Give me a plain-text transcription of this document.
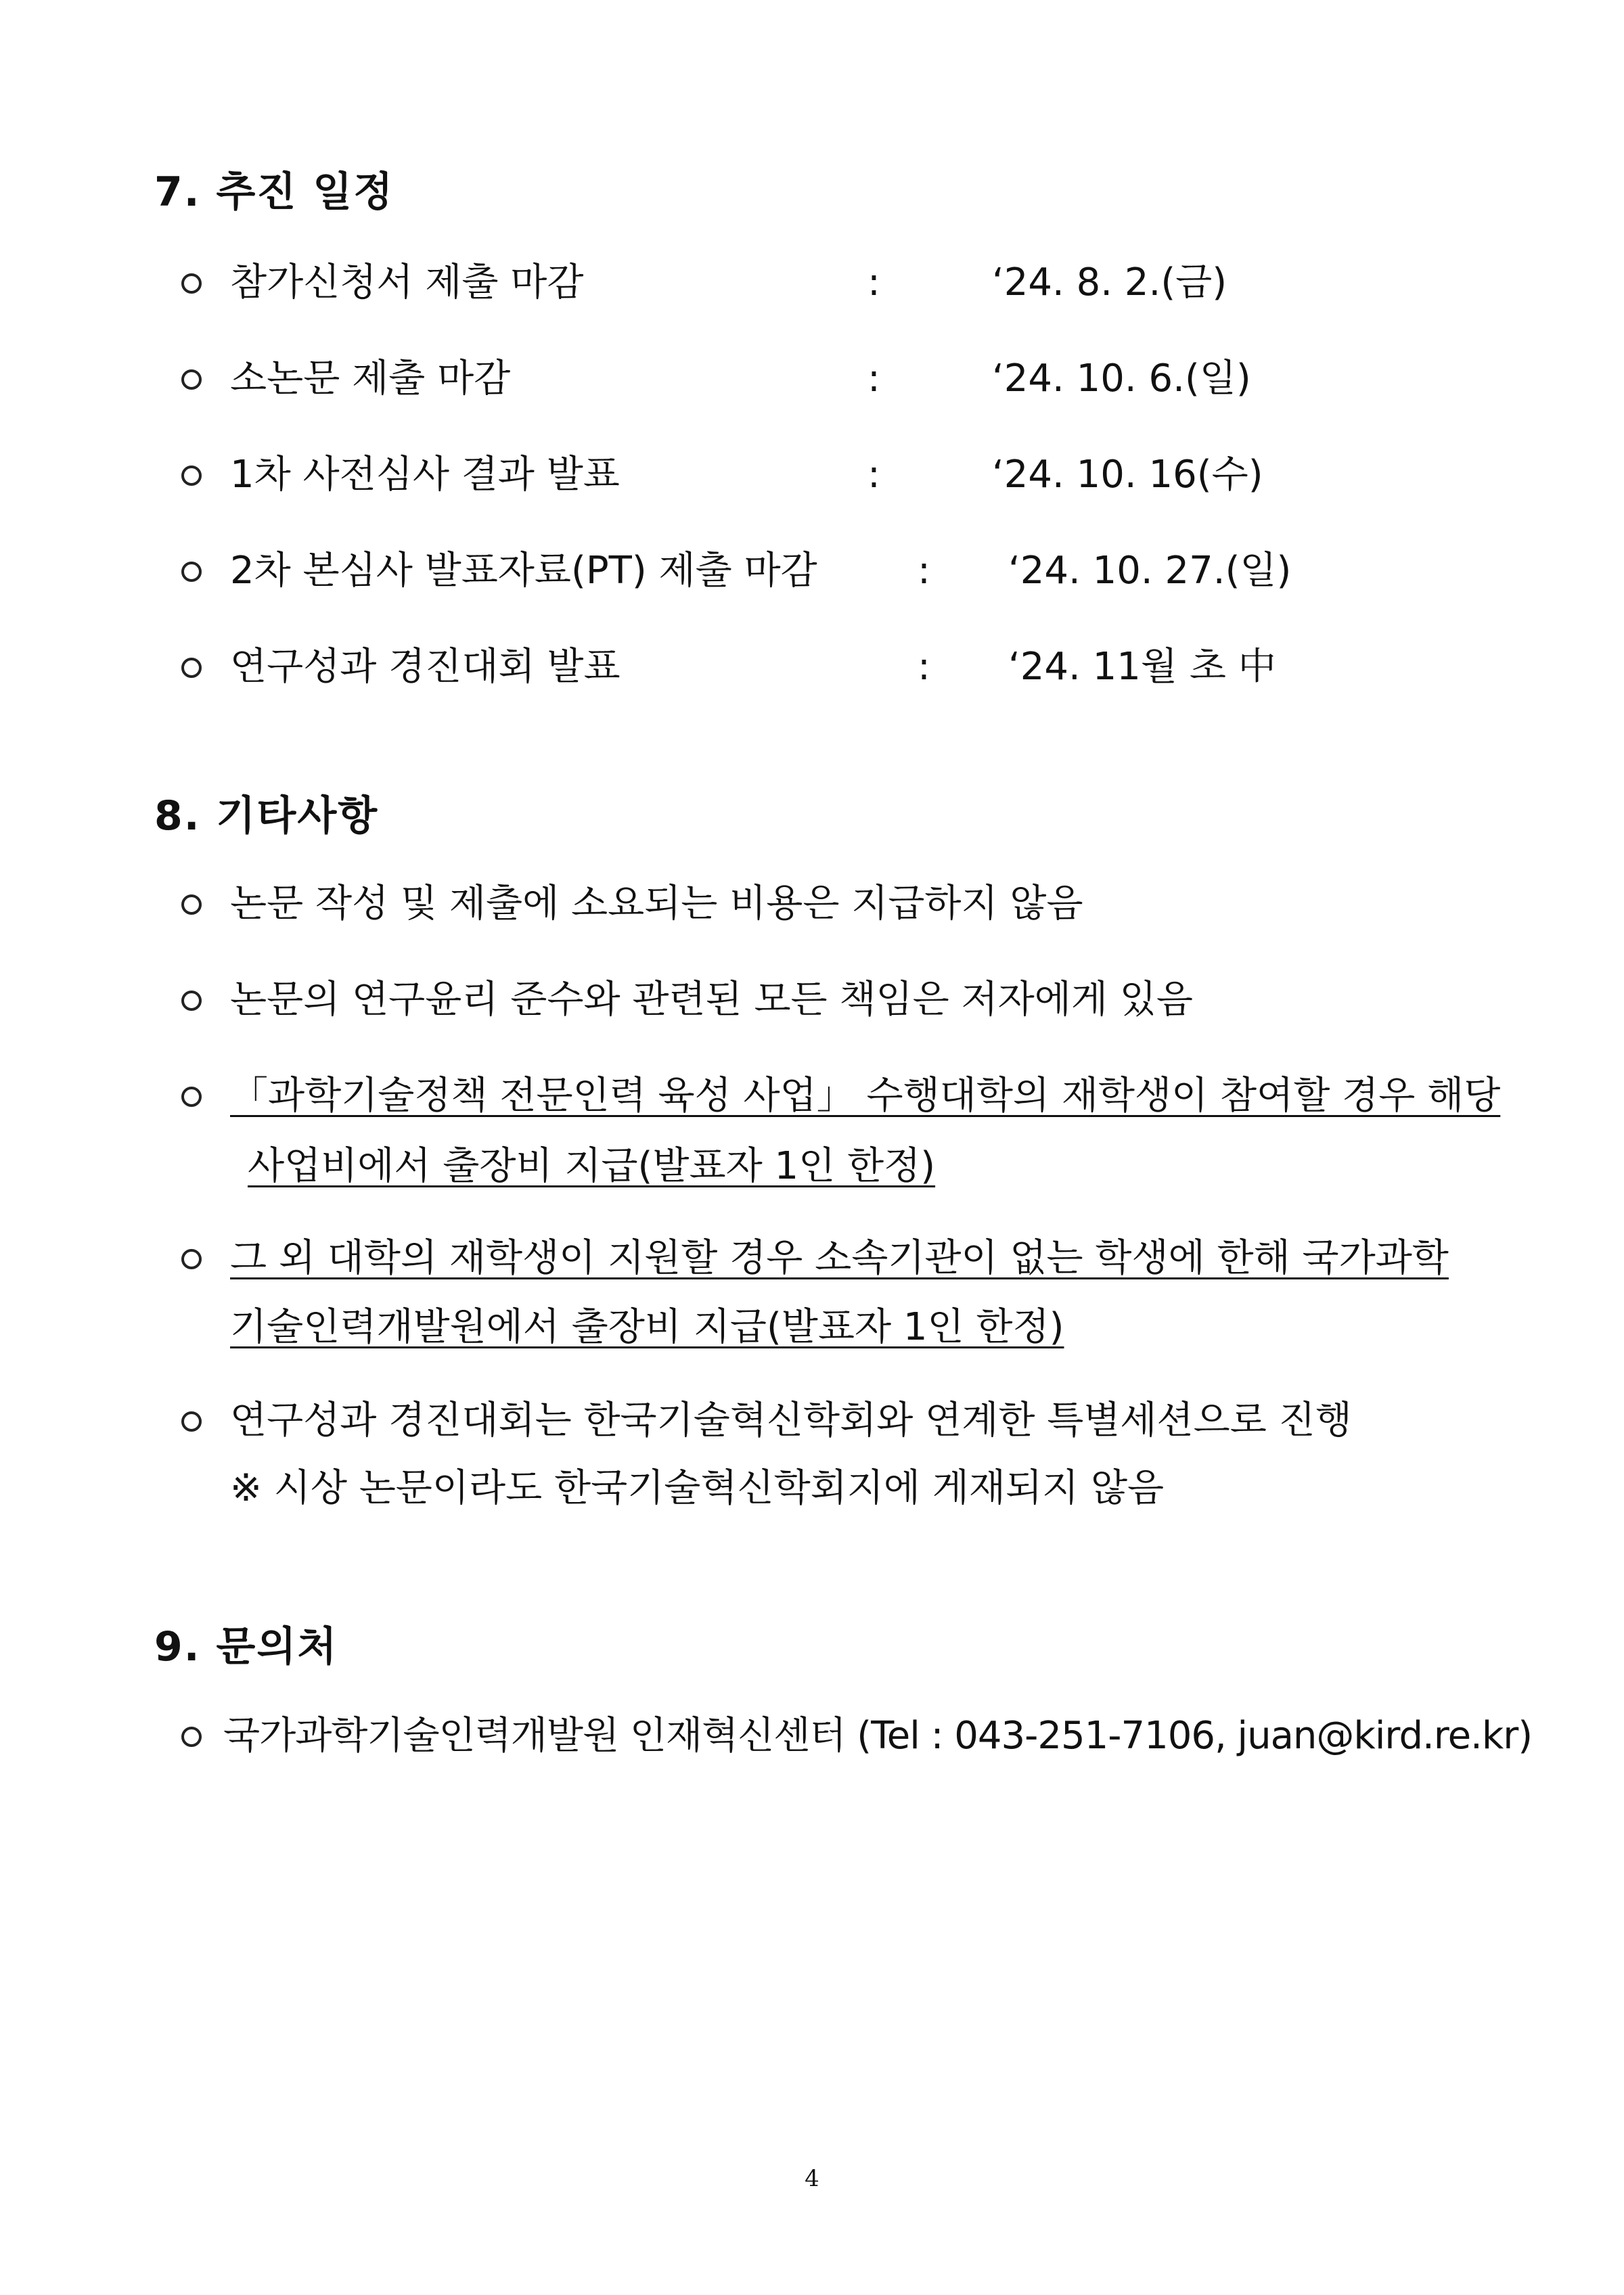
7. 추진 일정
참가신청서 제출 마감	:	‘24. 8. 2.(금)
소논문 제출 마감	:	‘24. 10. 6.(일)
1차 사전심사 결과 발표	:	‘24. 10. 16(수)
2차 본심사 발표자료(PT) 제출 마감	: ‘24. 10. 27.(일)
연구성과 경진대회 발표	: ‘24. 11월 초 中
8. 기타사항
논문 작성 및 제출에 소요되는 비용은 지급하지 않음
논문의 연구윤리 준수와 관련된 모든 책임은 저자에게 있음
「과학기술정책 전문인력 육성 사업」 수행대학의 재학생이 참여할 경우 해당
사업비에서 출장비 지급(발표자 1인 한정)
그 외 대학의 재학생이 지원할 경우 소속기관이 없는 학생에 한해 국가과학
기술인력개발원에서 출장비 지급(발표자 1인 한정)
연구성과 경진대회는 한국기술혁신학회와 연계한 특별세션으로 진행
※ 시상 논문이라도 한국기술혁신학회지에 게재되지 않음
9. 문의처
국가과학기술인력개발원 인재혁신센터 (Tel : 043-251-7106, juan@kird.re.kr)
4
